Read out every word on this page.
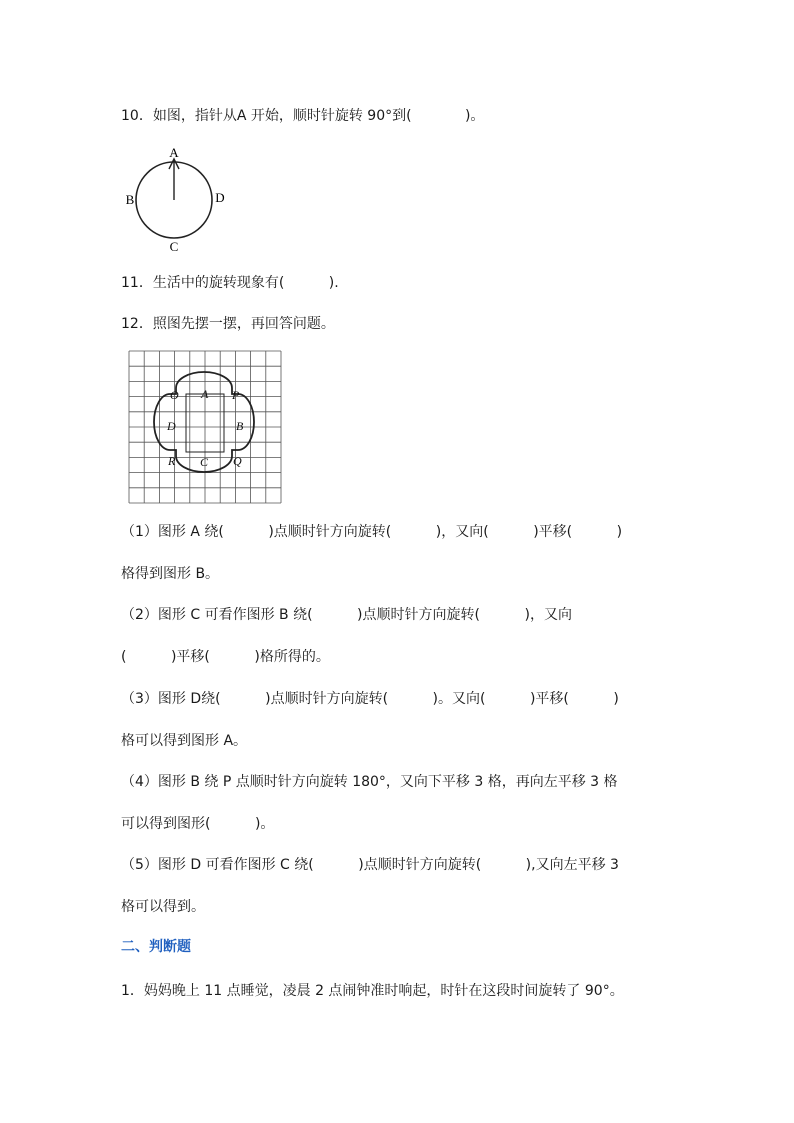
10．如图，指针从A 开始，顺时针旋转 90°到(            )。
A
B	D
C
11．生活中的旋转现象有(          ).
12．照图先摆一摆，再回答问题。
O A P
D	B
R C Q
（1）图形 A 绕(          )点顺时针方向旋转(          )，又向(          )平移(          )
格得到图形 B。
（2）图形 C 可看作图形 B 绕(          )点顺时针方向旋转(          )，又向
(          )平移(          )格所得的。
（3）图形 D绕(          )点顺时针方向旋转(          )。又向(          )平移(          )
格可以得到图形 A。
（4）图形 B 绕 P 点顺时针方向旋转 180°，又向下平移 3 格，再向左平移 3 格
可以得到图形(          )。
（5）图形 D 可看作图形 C 绕(          )点顺时针方向旋转(          ),又向左平移 3
格可以得到。
二、判断题
1．妈妈晚上 11 点睡觉，凌晨 2 点闹钟准时响起，时针在这段时间旋转了 90°。
